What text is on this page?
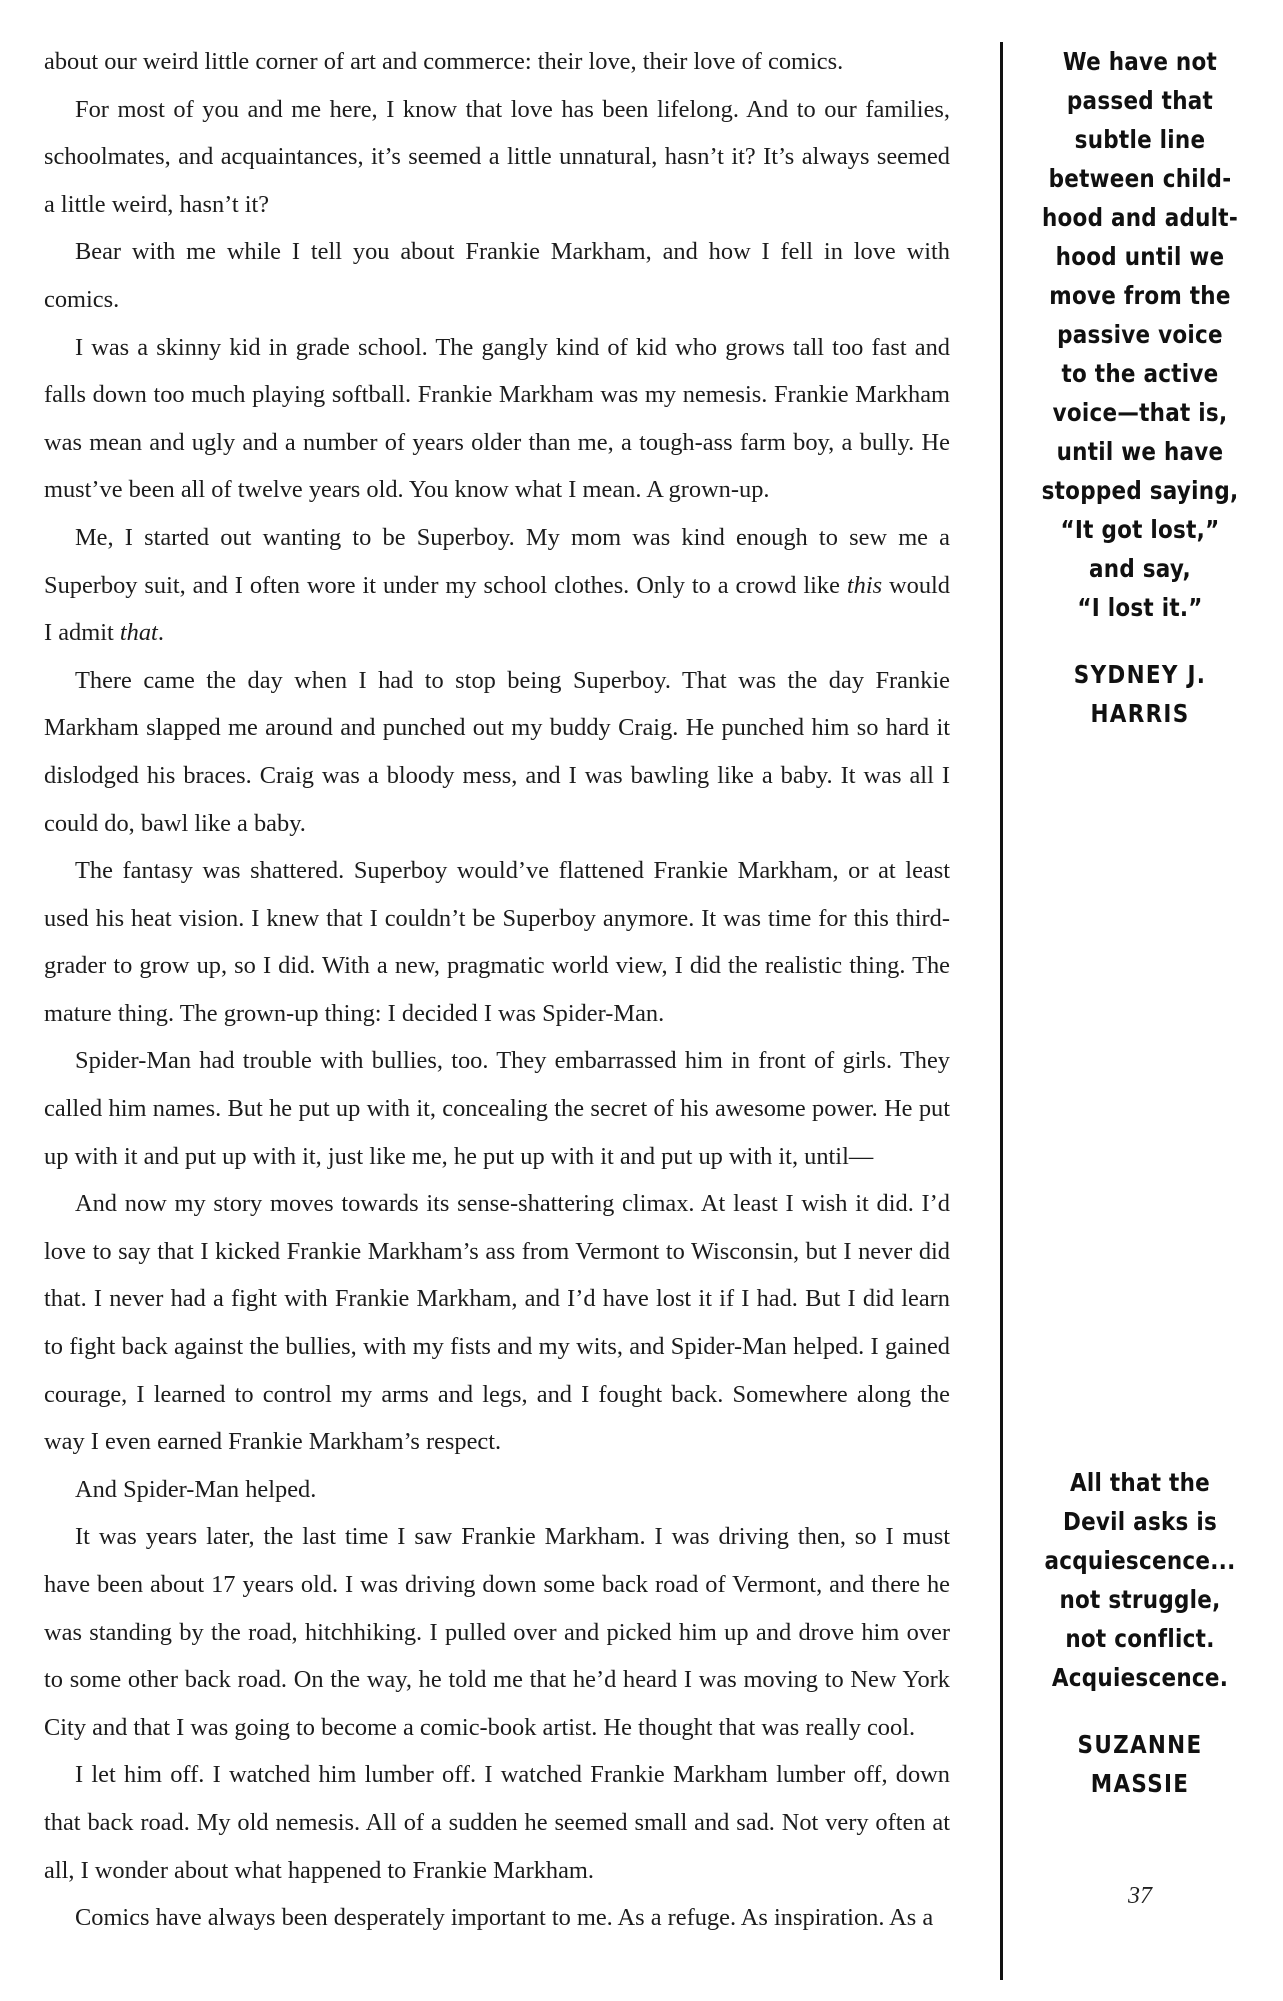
about our weird little corner of art and commerce: their love, their love of comics.

For most of you and me here, I know that love has been lifelong. And to our families, schoolmates, and acquaintances, it’s seemed a little unnatural, hasn’t it? It’s always seemed a little weird, hasn’t it?

Bear with me while I tell you about Frankie Markham, and how I fell in love with comics.

I was a skinny kid in grade school. The gangly kind of kid who grows tall too fast and falls down too much playing softball. Frankie Markham was my nemesis. Frankie Markham was mean and ugly and a number of years older than me, a tough-ass farm boy, a bully. He must’ve been all of twelve years old. You know what I mean. A grown-up.

Me, I started out wanting to be Superboy. My mom was kind enough to sew me a Superboy suit, and I often wore it under my school clothes. Only to a crowd like this would I admit that.

There came the day when I had to stop being Superboy. That was the day Frankie Markham slapped me around and punched out my buddy Craig. He punched him so hard it dislodged his braces. Craig was a bloody mess, and I was bawling like a baby. It was all I could do, bawl like a baby.

The fantasy was shattered. Superboy would’ve flattened Frankie Markham, or at least used his heat vision. I knew that I couldn’t be Superboy anymore. It was time for this third-grader to grow up, so I did. With a new, pragmatic world view, I did the realistic thing. The mature thing. The grown-up thing: I decided I was Spider-Man.

Spider-Man had trouble with bullies, too. They embarrassed him in front of girls. They called him names. But he put up with it, concealing the secret of his awesome power. He put up with it and put up with it, just like me, he put up with it and put up with it, until—

And now my story moves towards its sense-shattering climax. At least I wish it did. I’d love to say that I kicked Frankie Markham’s ass from Vermont to Wisconsin, but I never did that. I never had a fight with Frankie Markham, and I’d have lost it if I had. But I did learn to fight back against the bullies, with my fists and my wits, and Spider-Man helped. I gained courage, I learned to control my arms and legs, and I fought back. Somewhere along the way I even earned Frankie Markham’s respect.

And Spider-Man helped.

It was years later, the last time I saw Frankie Markham. I was driving then, so I must have been about 17 years old. I was driving down some back road of Vermont, and there he was standing by the road, hitchhiking. I pulled over and picked him up and drove him over to some other back road. On the way, he told me that he’d heard I was moving to New York City and that I was going to become a comic-book artist. He thought that was really cool.

I let him off. I watched him lumber off. I watched Frankie Markham lumber off, down that back road. My old nemesis. All of a sudden he seemed small and sad. Not very often at all, I wonder about what happened to Frankie Markham.

Comics have always been desperately important to me. As a refuge. As inspiration. As a

We have not
passed that
subtle line
between child-
hood and adult-
hood until we
move from the
passive voice
to the active
voice—that is,
until we have
stopped saying,
“It got lost,”
and say,
“I lost it.”
SYDNEY J.
HARRIS
All that the
Devil asks is
acquiescence...
not struggle,
not conflict.
Acquiescence.
SUZANNE
MASSIE
37
